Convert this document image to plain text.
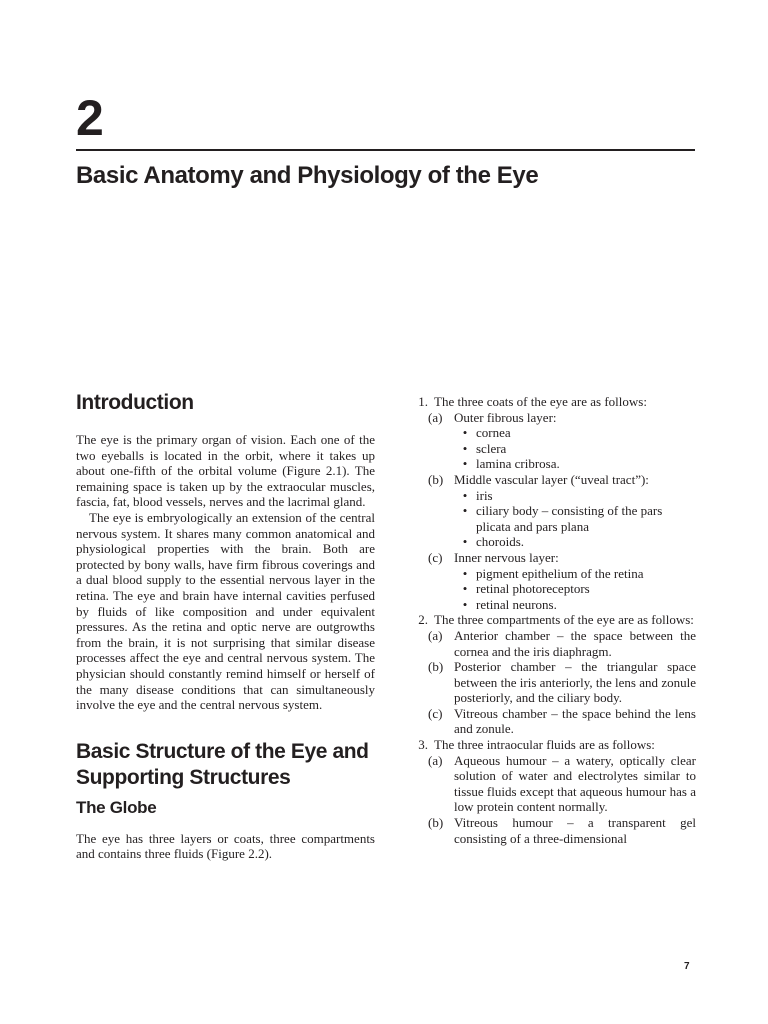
2
Basic Anatomy and Physiology of the Eye
Introduction

The eye is the primary organ of vision. Each one of the two eyeballs is located in the orbit, where it takes up about one-fifth of the orbital volume (Figure 2.1). The remaining space is taken up by the extraocular muscles, fascia, fat, blood vessels, nerves and the lacrimal gland.

The eye is embryologically an extension of the central nervous system. It shares many common anatomical and physiological properties with the brain. Both are protected by bony walls, have firm fibrous coverings and a dual blood supply to the essential nervous layer in the retina. The eye and brain have internal cavities perfused by fluids of like composition and under equivalent pressures. As the retina and optic nerve are outgrowths from the brain, it is not surprising that similar disease processes affect the eye and central nervous system. The physician should constantly remind himself or herself of the many disease conditions that can simultaneously involve the eye and the central nervous system.

Basic Structure of the Eye and
Supporting Structures
The Globe

The eye has three layers or coats, three compartments and contains three fluids (Figure 2.2).

1. The three coats of the eye are as follows:
(a) Outer fibrous layer:
• cornea
• sclera
• lamina cribrosa.
(b) Middle vascular layer (“uveal tract”):
• iris
• ciliary body – consisting of the pars plicata and pars plana
• choroids.
(c) Inner nervous layer:
• pigment epithelium of the retina
• retinal photoreceptors
• retinal neurons.
2. The three compartments of the eye are as follows:
(a) Anterior chamber – the space between the cornea and the iris diaphragm.
(b) Posterior chamber – the triangular space between the iris anteriorly, the lens and zonule posteriorly, and the ciliary body.
(c) Vitreous chamber – the space behind the lens and zonule.
3. The three intraocular fluids are as follows:
(a) Aqueous humour – a watery, optically clear solution of water and electrolytes similar to tissue fluids except that aqueous humour has a low protein content normally.
(b) Vitreous humour – a transparent gel consisting of a three-dimensional
7
